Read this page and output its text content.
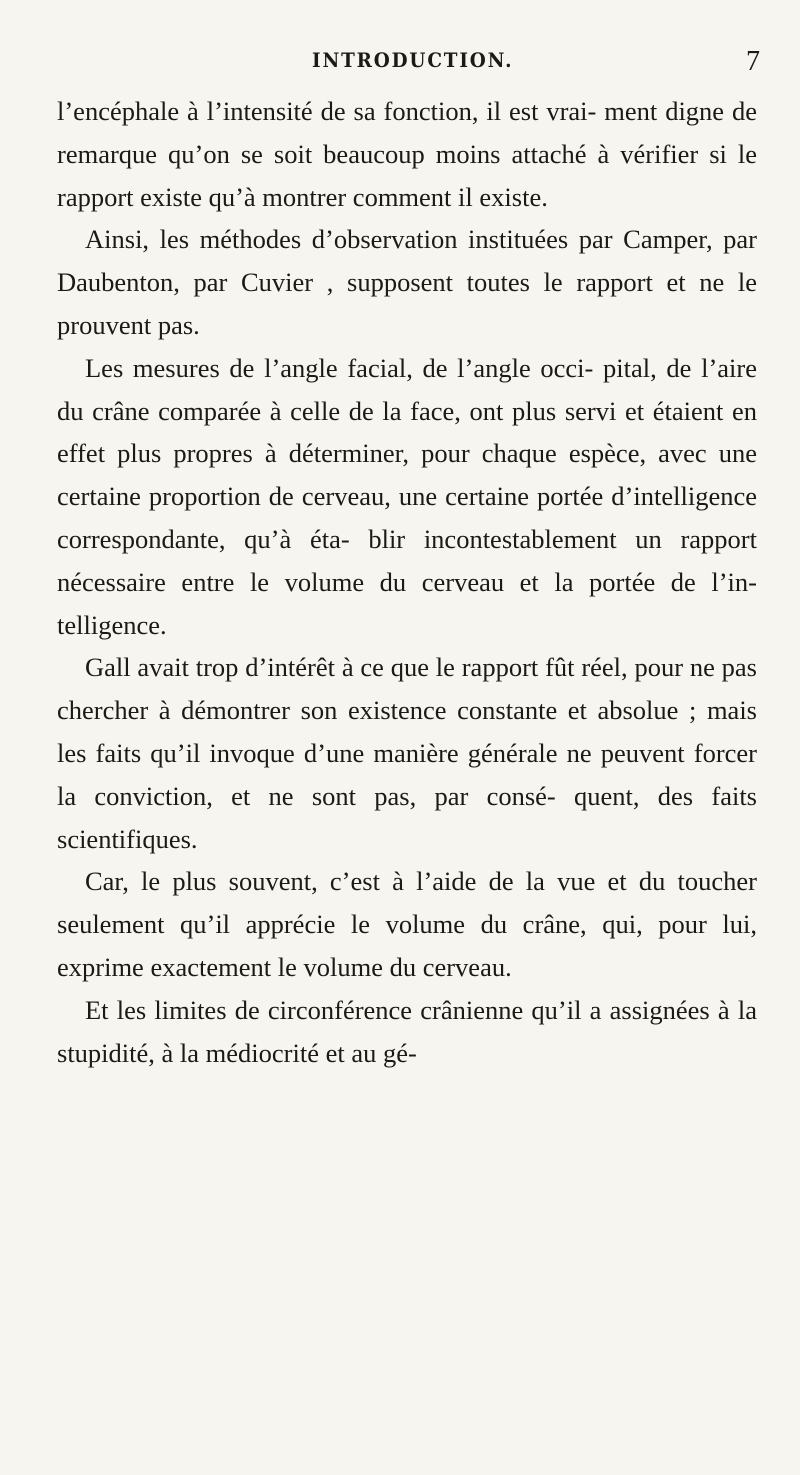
INTRODUCTION.	7

l’encéphale à l’intensité de sa fonction, il est vrai- ment digne de remarque qu’on se soit beaucoup moins attaché à vérifier si le rapport existe qu’à montrer comment il existe.

Ainsi, les méthodes d’observation instituées par Camper, par Daubenton, par Cuvier , supposent toutes le rapport et ne le prouvent pas.

Les mesures de l’angle facial, de l’angle occi- pital, de l’aire du crâne comparée à celle de la face, ont plus servi et étaient en effet plus propres à déterminer, pour chaque espèce, avec une certaine proportion de cerveau, une certaine portée d’intelligence correspondante, qu’à éta- blir incontestablement un rapport nécessaire entre le volume du cerveau et la portée de l’in- telligence.

Gall avait trop d’intérêt à ce que le rapport fût réel, pour ne pas chercher à démontrer son existence constante et absolue ; mais les faits qu’il invoque d’une manière générale ne peuvent forcer la conviction, et ne sont pas, par consé- quent, des faits scientifiques.

Car, le plus souvent, c’est à l’aide de la vue et du toucher seulement qu’il apprécie le volume du crâne, qui, pour lui, exprime exactement le volume du cerveau.

Et les limites de circonférence crânienne qu’il a assignées à la stupidité, à la médiocrité et au gé-
